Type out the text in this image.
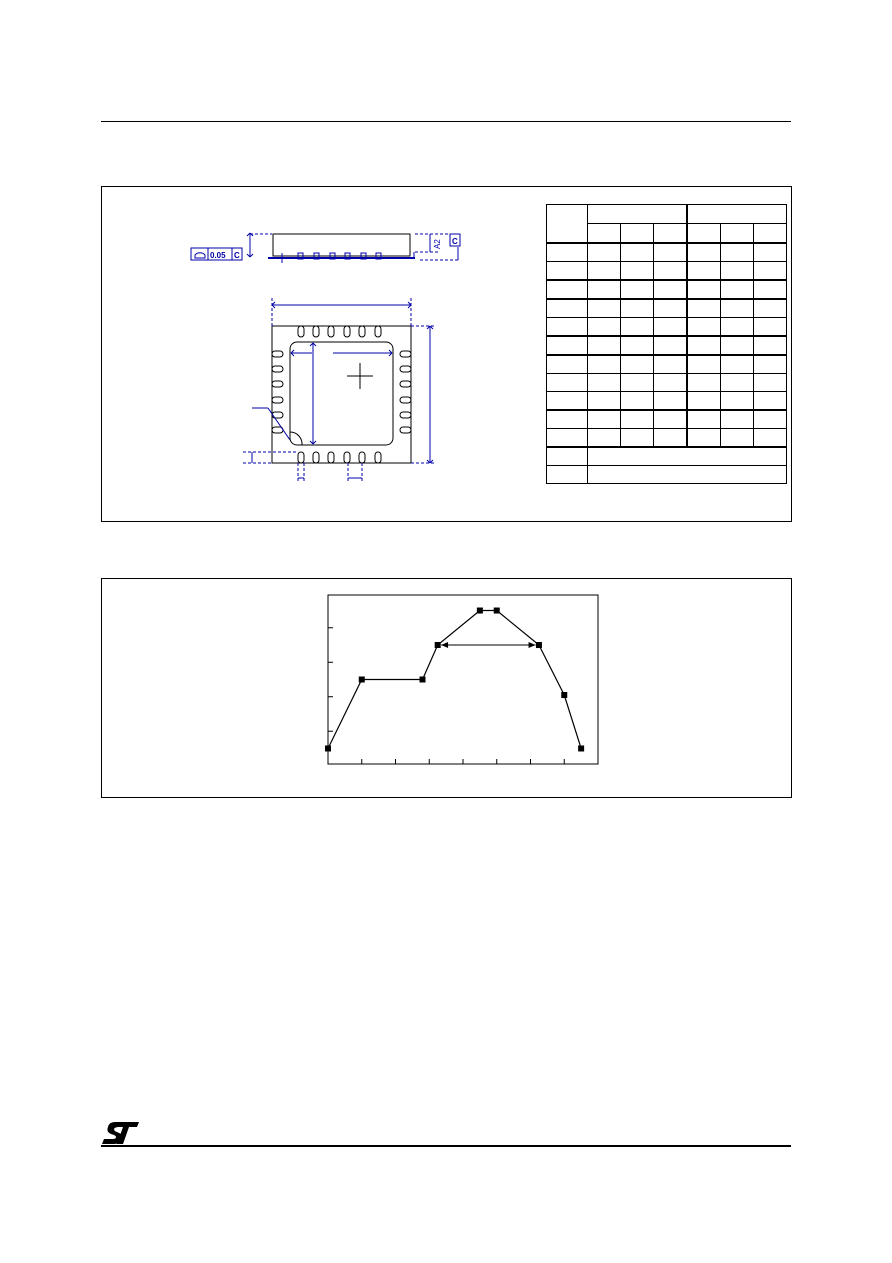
0.05 C
C
A2
